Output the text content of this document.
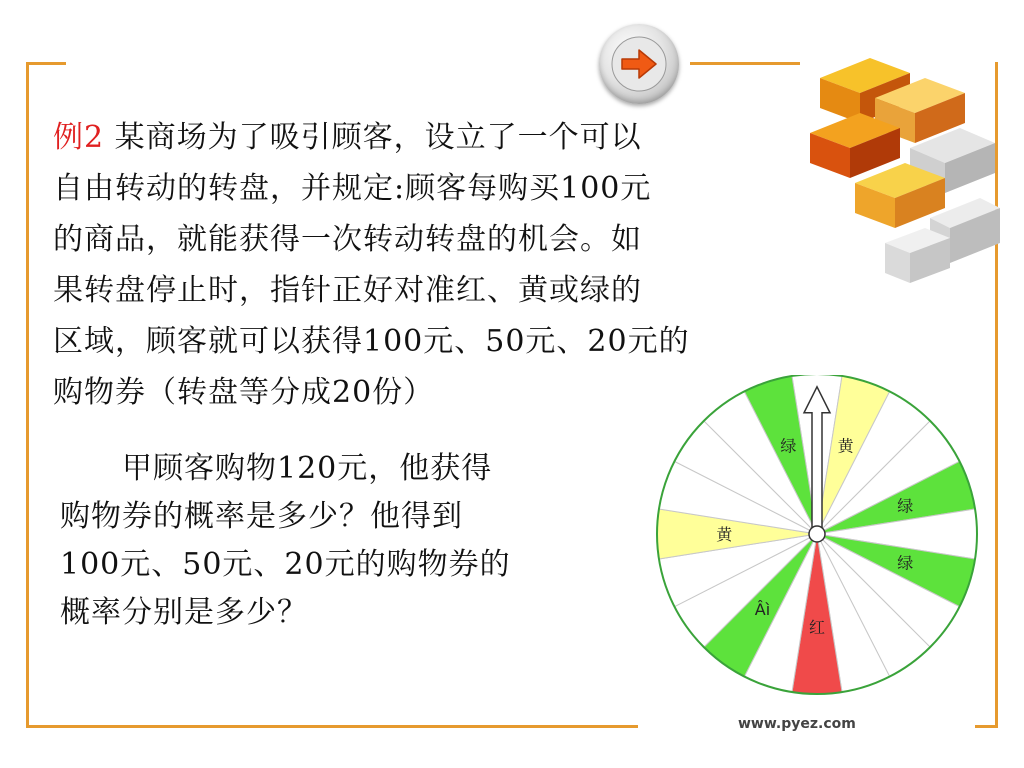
例2 某商场为了吸引顾客，设立了一个可以
自由转动的转盘，并规定:顾客每购买100元
的商品，就能获得一次转动转盘的机会。如
果转盘停止时，指针正好对准红、黄或绿的
区域，顾客就可以获得100元、50元、20元的
购物券（转盘等分成20份）
　　甲顾客购物120元，他获得
购物券的概率是多少？他得到
100元、50元、20元的购物券的
概率分别是多少？
黄
绿
绿
红
Âì
黄
绿
www.pyez.com
